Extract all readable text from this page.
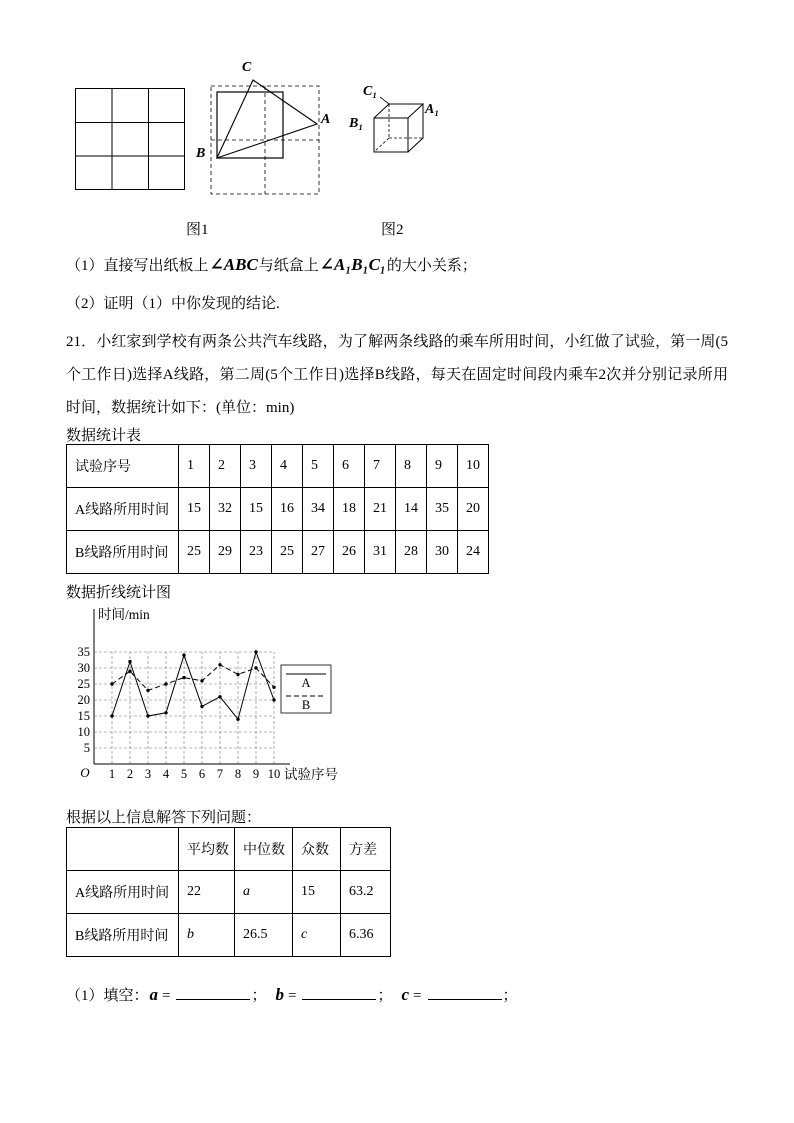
C
A
B
C₁
A₁
B₁
图1	图2
（1）直接写出纸板上∠ABC与纸盒上∠A₁B₁C₁的大小关系；
（2）证明（1）中你发现的结论.
21．小红家到学校有两条公共汽车线路，为了解两条线路的乘车所用时间，小红做了试验，第一周(5个工作日)选择A线路，第二周(5个工作日)选择B线路，每天在固定时间段内乘车2次并分别记录所用时间，数据统计如下：(单位：min)
数据统计表
试验序号	1	2	3	4	5	6	7	8	9	10
A线路所用时间	15	32	15	16	34	18	21	14	35	20
B线路所用时间	25	29	23	25	27	26	31	28	30	24
数据折线统计图
时间/min
试验序号
O
5
10
15
20
25
30
35
1 2 3 4 5 6 7 8 9 10
A
B
根据以上信息解答下列问题：
	平均数	中位数	众数	方差
A线路所用时间	22	a	15	63.2
B线路所用时间	b	26.5	c	6.36
（1）填空：a =	； b =	； c =	；
